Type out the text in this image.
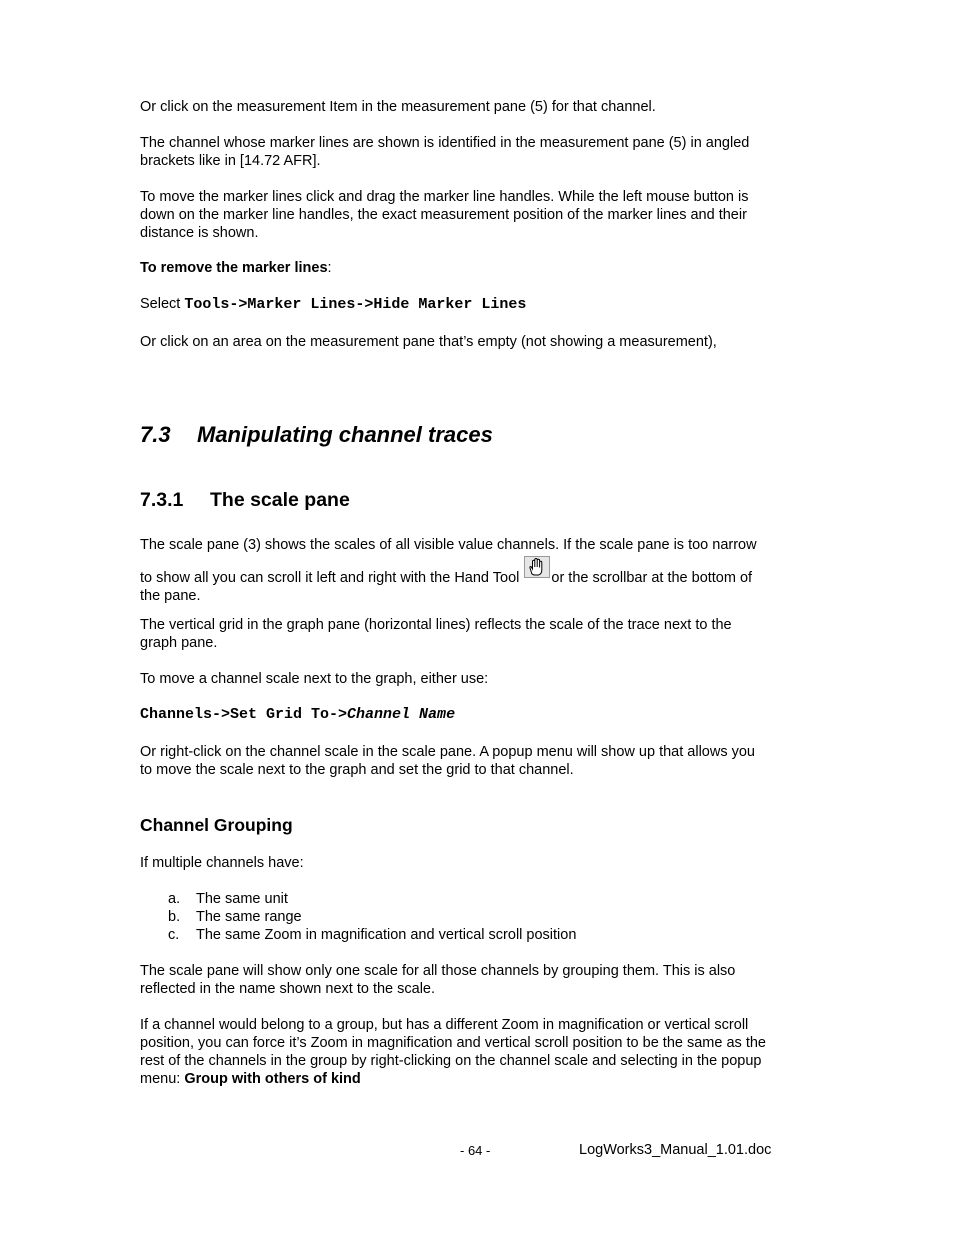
Or click on the measurement Item in the measurement pane (5) for that channel.

The channel whose marker lines are shown is identified in the measurement pane (5) in angled
brackets like in [14.72 AFR].
To move the marker lines click and drag the marker line handles. While the left mouse button is
down on the marker line handles, the exact measurement position of the marker lines and their
distance is shown.

To remove the marker lines:

Select Tools->Marker Lines->Hide Marker Lines

Or click on an area on the measurement pane that’s empty (not showing a measurement),

7.3 Manipulating channel traces
7.3.1 The scale pane
The scale pane (3) shows the scales of all visible value channels. If the scale pane is too narrow
to show all you can scroll it left and right with the Hand Tool
or the scrollbar at the bottom of
the pane.
The vertical grid in the graph pane (horizontal lines) reflects the scale of the trace next to the
graph pane.

To move a channel scale next to the graph, either use:

Channels->Set Grid To->Channel Name

Or right-click on the channel scale in the scale pane. A popup menu will show up that allows you
to move the scale next to the graph and set the grid to that channel.
Channel Grouping

If multiple channels have:

a. The same unit
b. The same range
c. The same Zoom in magnification and vertical scroll position
The scale pane will show only one scale for all those channels by grouping them. This is also
reflected in the name shown next to the scale.
If a channel would belong to a group, but has a different Zoom in magnification or vertical scroll
position, you can force it’s Zoom in magnification and vertical scroll position to be the same as the
rest of the channels in the group by right-clicking on the channel scale and selecting in the popup
menu: Group with others of kind
- 64 -	LogWorks3_Manual_1.01.doc
